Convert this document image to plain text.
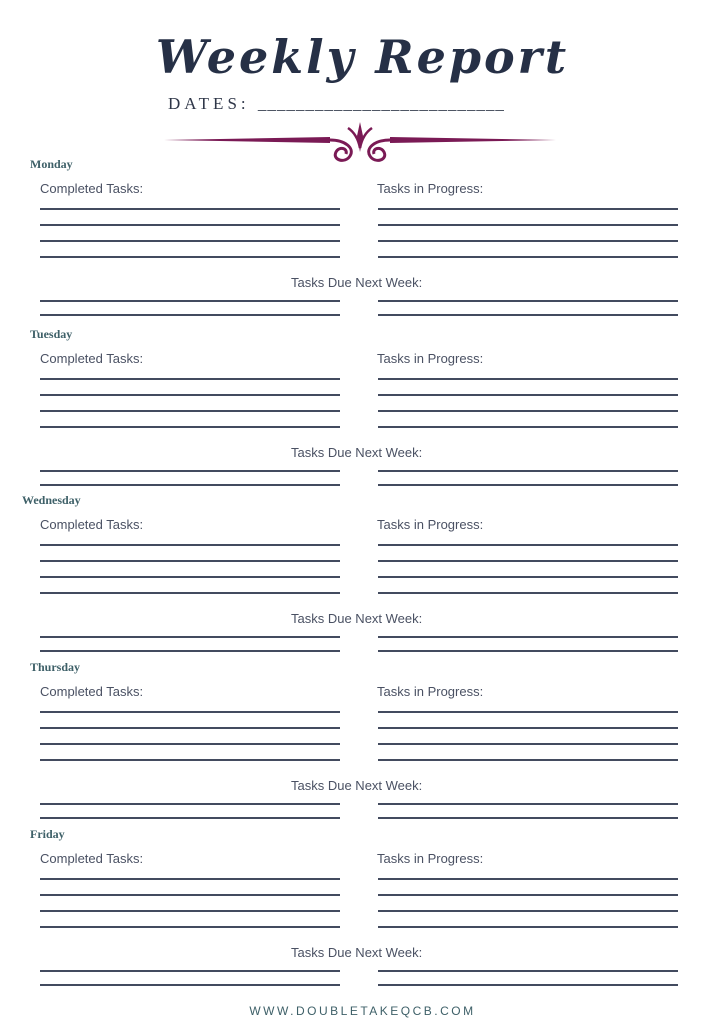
Weekly Report
DATES: __________________________
Monday
Completed Tasks:	Tasks in Progress:
Tasks Due Next Week:
Tuesday
Completed Tasks:	Tasks in Progress:
Tasks Due Next Week:
Wednesday
Completed Tasks:	Tasks in Progress:
Tasks Due Next Week:
Thursday
Completed Tasks:	Tasks in Progress:
Tasks Due Next Week:
Friday
Completed Tasks:	Tasks in Progress:
Tasks Due Next Week:
WWW.DOUBLETAKEQCB.COM
